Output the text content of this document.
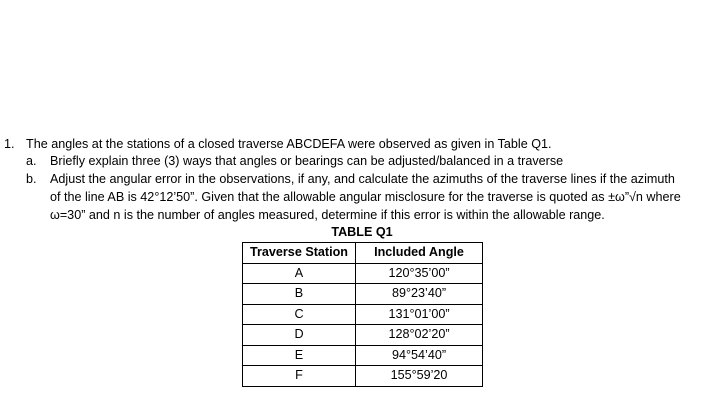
1. The angles at the stations of a closed traverse ABCDEFA were observed as given in Table Q1.
a. Briefly explain three (3) ways that angles or bearings can be adjusted/balanced in a traverse
b. Adjust the angular error in the observations, if any, and calculate the azimuths of the traverse lines if the azimuth
of the line AB is 42°12’50”. Given that the allowable angular misclosure for the traverse is quoted as ±ω”√n where
ω=30” and n is the number of angles measured, determine if this error is within the allowable range.
TABLE Q1
Traverse Station	Included Angle
A	120°35’00”
B	89°23’40”
C	131°01’00”
D	128°02’20”
E	94°54’40”
F	155°59’20
